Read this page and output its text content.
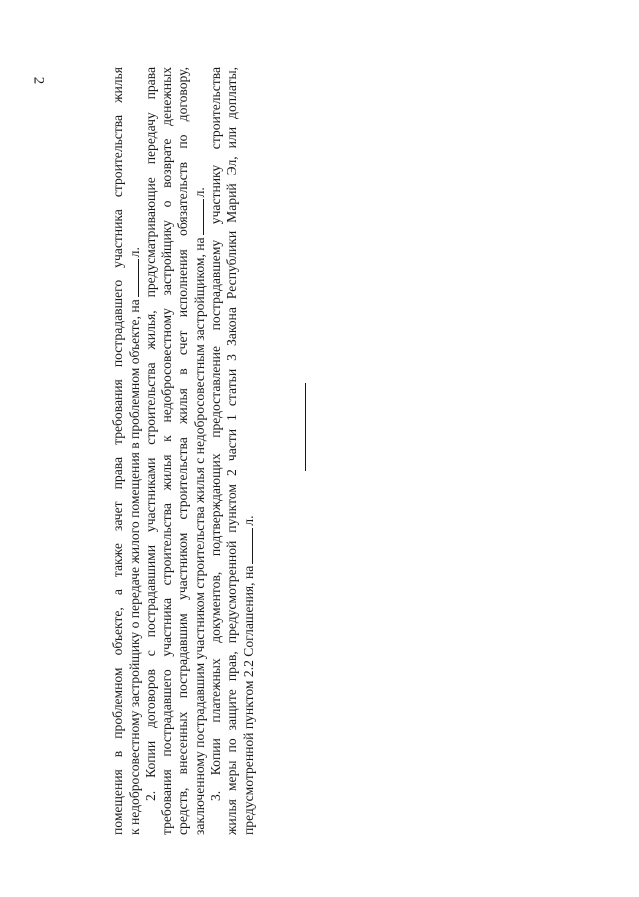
2	помещения в проблемном объекте, а также зачет права требования пострадавшего участника строительства жилья к недобросовестному застройщику о передаче жилого помещения в проблемном объекте, нал. 2. Копии договоров с пострадавшими участниками строительства жилья, предусматривающие передачу права требования пострадавшего участника строительства жилья к недобросовестному застройщику о возврате денежных средств, внесенных пострадавшим участником строительства жилья в счет исполнения обязательств по договору, заключенному пострадавшим участником строительства жилья с недобросовестным застройщиком, нал. 3. Копии платежных документов, подтверждающих предоставление пострадавшему участнику строительства жилья меры по защите прав, предусмотренной пунктом 2 части 1 статьи 3 Закона Республики Марий Эл, или доплаты, предусмотренной пунктом 2.2 Соглашения, нал.
